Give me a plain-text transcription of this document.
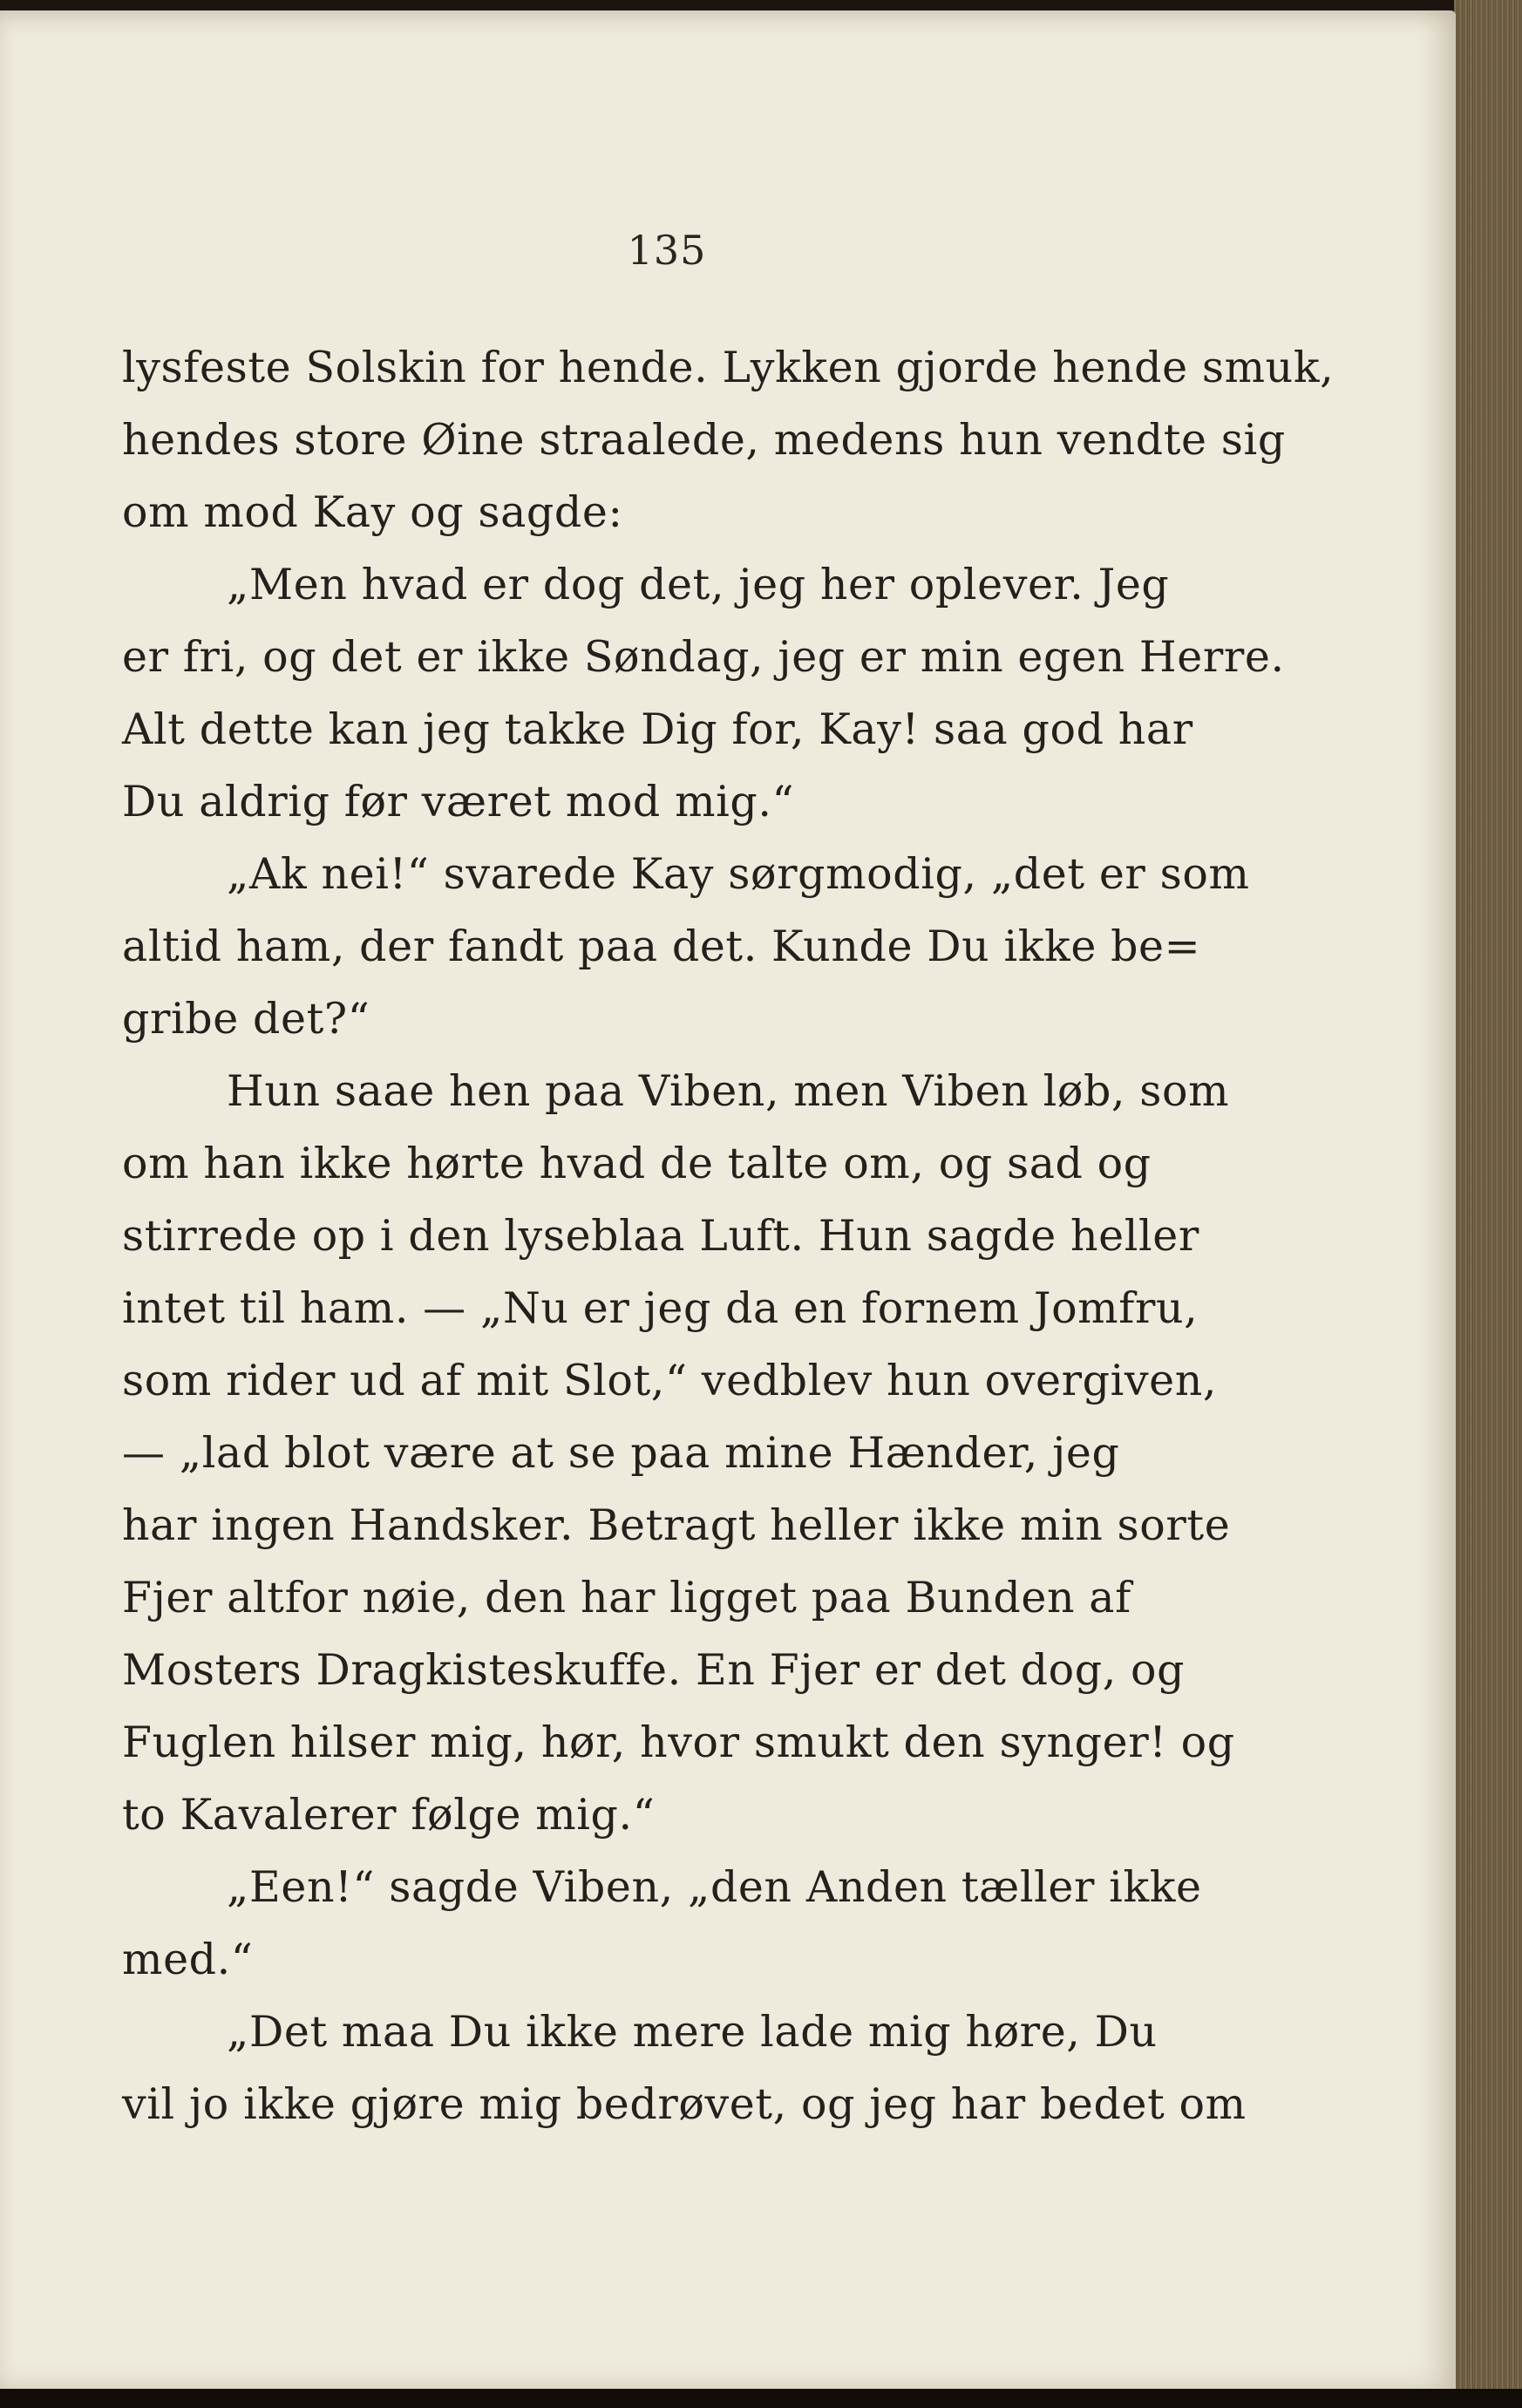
135
lysfeste Solskin for hende. Lykken gjorde hende smuk,
hendes store Øine straalede, medens hun vendte sig
om mod Kay og sagde:
„Men hvad er dog det, jeg her oplever. Jeg
er fri, og det er ikke Søndag, jeg er min egen Herre.
Alt dette kan jeg takke Dig for, Kay! saa god har
Du aldrig før været mod mig.“
„Ak nei!“ svarede Kay sørgmodig, „det er som
altid ham, der fandt paa det. Kunde Du ikke be=
gribe det?“
Hun saae hen paa Viben, men Viben løb, som
om han ikke hørte hvad de talte om, og sad og
stirrede op i den lyseblaa Luft. Hun sagde heller
intet til ham. — „Nu er jeg da en fornem Jomfru,
som rider ud af mit Slot,“ vedblev hun overgiven,
— „lad blot være at se paa mine Hænder, jeg
har ingen Handsker. Betragt heller ikke min sorte
Fjer altfor nøie, den har ligget paa Bunden af
Mosters Dragkisteskuffe. En Fjer er det dog, og
Fuglen hilser mig, hør, hvor smukt den synger! og
to Kavalerer følge mig.“
„Een!“ sagde Viben, „den Anden tæller ikke
med.“
„Det maa Du ikke mere lade mig høre, Du
vil jo ikke gjøre mig bedrøvet, og jeg har bedet om
